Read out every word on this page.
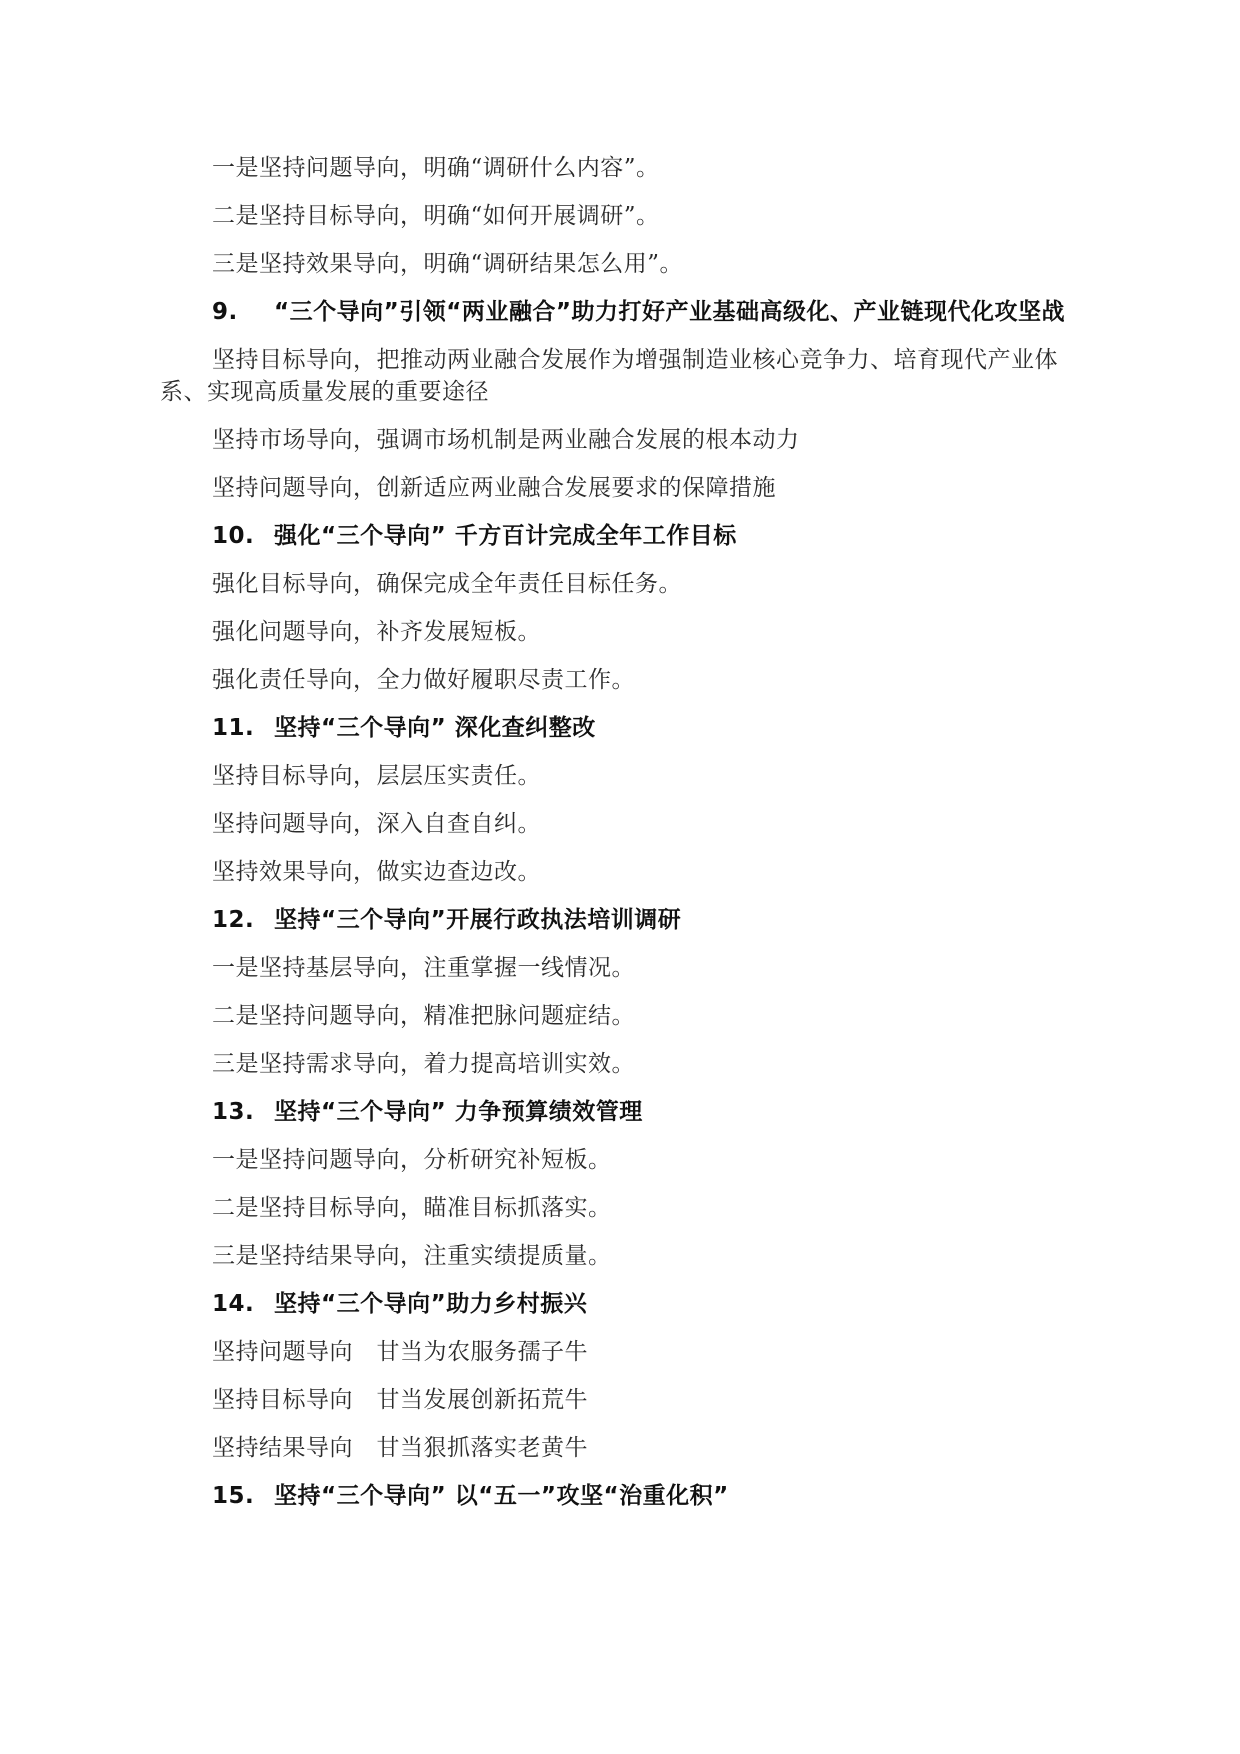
一是坚持问题导向，明确“调研什么内容”。

二是坚持目标导向，明确“如何开展调研”。

三是坚持效果导向，明确“调研结果怎么用”。

9. “三个导向”引领“两业融合”助力打好产业基础高级化、产业链现代化攻坚战

坚持目标导向，把推动两业融合发展作为增强制造业核心竞争力、培育现代产业体系、实现高质量发展的重要途径

坚持市场导向，强调市场机制是两业融合发展的根本动力

坚持问题导向，创新适应两业融合发展要求的保障措施

10. 强化“三个导向” 千方百计完成全年工作目标

强化目标导向，确保完成全年责任目标任务。

强化问题导向，补齐发展短板。

强化责任导向，全力做好履职尽责工作。

11. 坚持“三个导向” 深化查纠整改

坚持目标导向，层层压实责任。

坚持问题导向，深入自查自纠。

坚持效果导向，做实边查边改。

12. 坚持“三个导向”开展行政执法培训调研

一是坚持基层导向，注重掌握一线情况。

二是坚持问题导向，精准把脉问题症结。

三是坚持需求导向，着力提高培训实效。

13. 坚持“三个导向” 力争预算绩效管理

一是坚持问题导向，分析研究补短板。

二是坚持目标导向，瞄准目标抓落实。

三是坚持结果导向，注重实绩提质量。

14. 坚持“三个导向”助力乡村振兴

坚持问题导向　甘当为农服务孺子牛

坚持目标导向　甘当发展创新拓荒牛

坚持结果导向　甘当狠抓落实老黄牛

15. 坚持“三个导向” 以“五一”攻坚“治重化积”
